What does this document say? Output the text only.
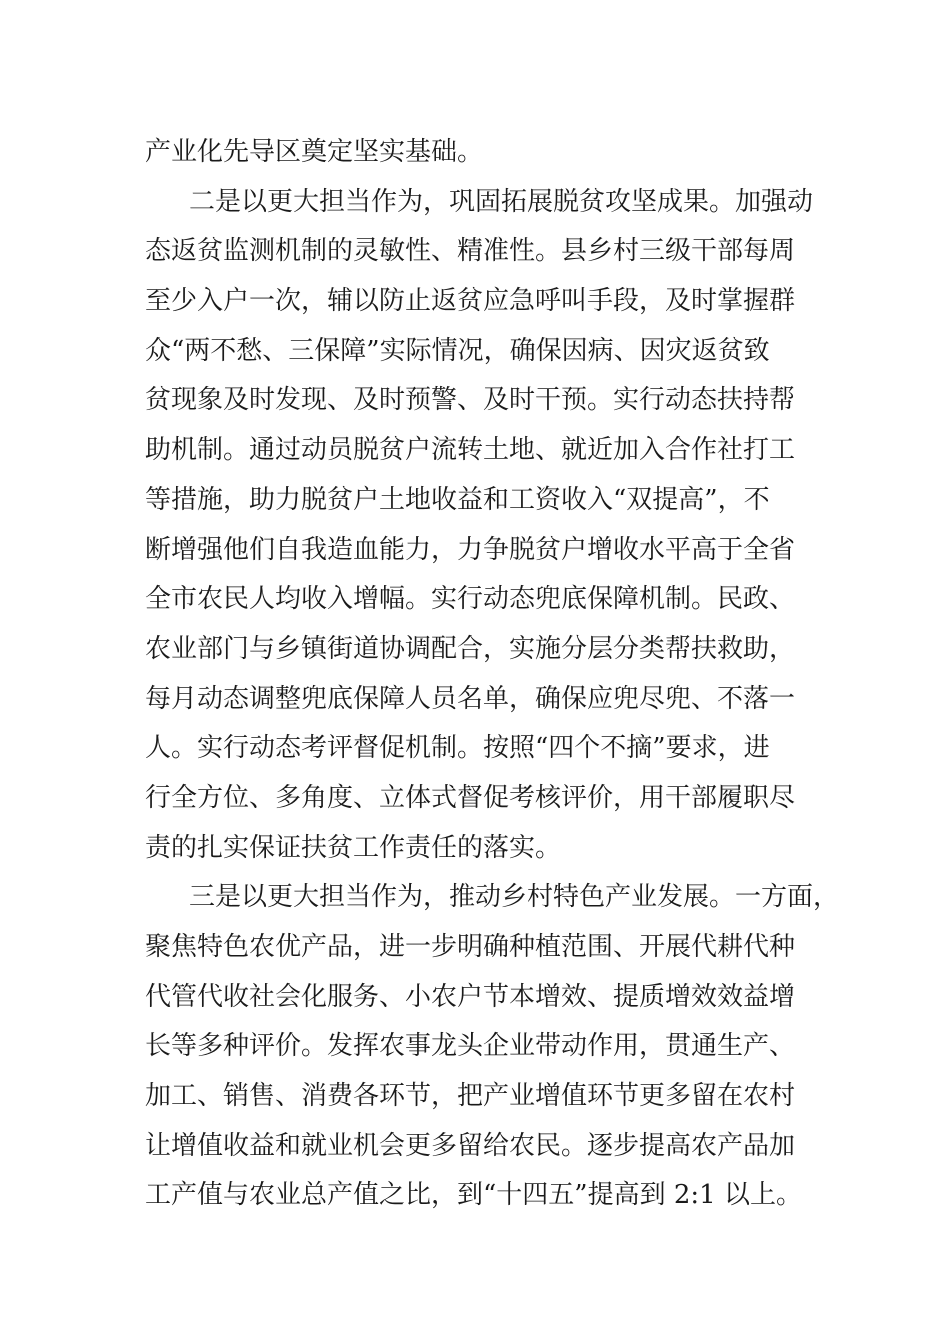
产业化先导区奠定坚实基础。
二是以更大担当作为，巩固拓展脱贫攻坚成果。加强动
态返贫监测机制的灵敏性、精准性。县乡村三级干部每周
至少入户一次，辅以防止返贫应急呼叫手段，及时掌握群
众“两不愁、三保障”实际情况，确保因病、因灾返贫致
贫现象及时发现、及时预警、及时干预。实行动态扶持帮
助机制。通过动员脱贫户流转土地、就近加入合作社打工
等措施，助力脱贫户土地收益和工资收入“双提高”，不
断增强他们自我造血能力，力争脱贫户增收水平高于全省
全市农民人均收入增幅。实行动态兜底保障机制。民政、
农业部门与乡镇街道协调配合，实施分层分类帮扶救助，
每月动态调整兜底保障人员名单，确保应兜尽兜、不落一
人。实行动态考评督促机制。按照“四个不摘”要求，进
行全方位、多角度、立体式督促考核评价，用干部履职尽
责的扎实保证扶贫工作责任的落实。
三是以更大担当作为，推动乡村特色产业发展。一方面，
聚焦特色农优产品，进一步明确种植范围、开展代耕代种
代管代收社会化服务、小农户节本增效、提质增效效益增
长等多种评价。发挥农事龙头企业带动作用，贯通生产、
加工、销售、消费各环节，把产业增值环节更多留在农村
让增值收益和就业机会更多留给农民。逐步提高农产品加
工产值与农业总产值之比，到“十四五”提高到 2:1 以上。
